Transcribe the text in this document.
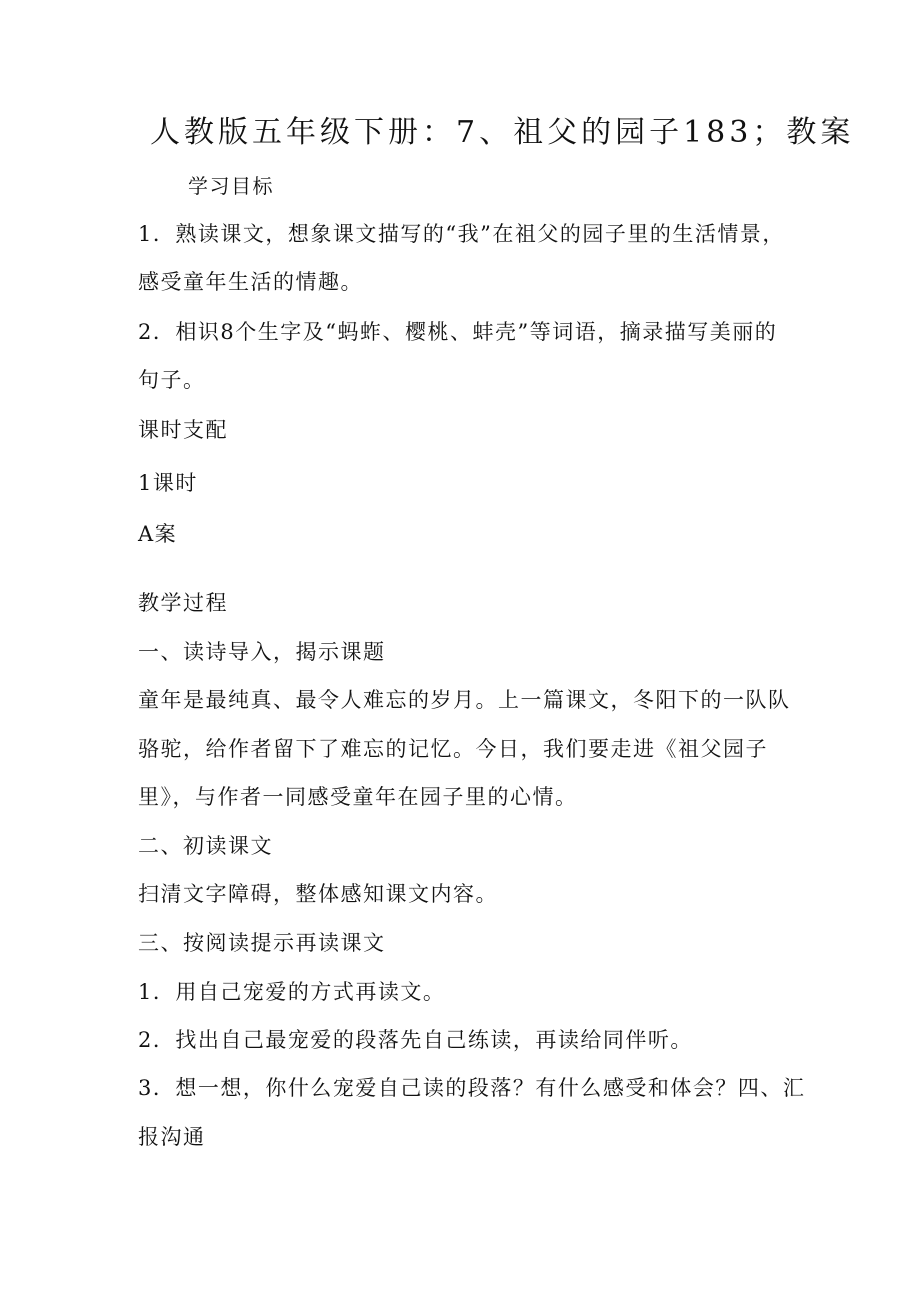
人教版五年级下册：7、祖父的园子183；教案
学习目标
1．熟读课文，想象课文描写的“我”在祖父的园子里的生活情景，
感受童年生活的情趣。
2．相识8个生字及“蚂蚱、樱桃、蚌壳”等词语，摘录描写美丽的
句子。
课时支配
1课时
A案
教学过程
一、读诗导入，揭示课题
童年是最纯真、最令人难忘的岁月。上一篇课文，冬阳下的一队队
骆驼，给作者留下了难忘的记忆。今日，我们要走进《祖父园子
里》，与作者一同感受童年在园子里的心情。
二、初读课文
扫清文字障碍，整体感知课文内容。
三、按阅读提示再读课文
1．用自己宠爱的方式再读文。
2．找出自己最宠爱的段落先自己练读，再读给同伴听。
3．想一想，你什么宠爱自己读的段落？有什么感受和体会？四、汇
报沟通
